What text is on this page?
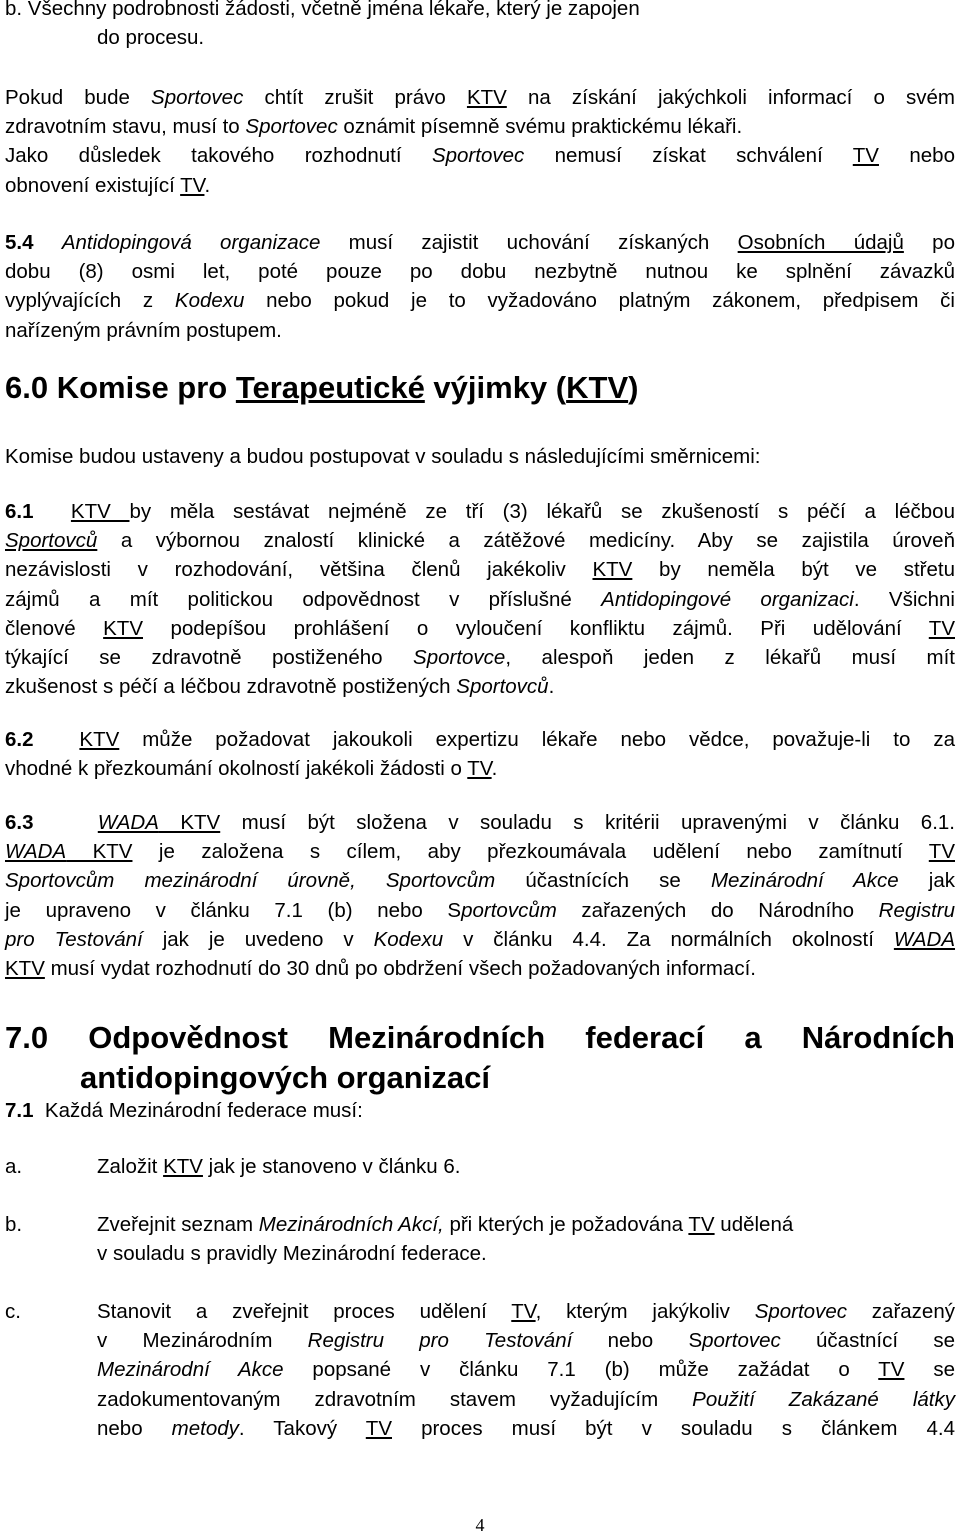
b. Všechny podrobnosti žádosti, včetně jména lékaře, který je zapojen
do procesu.
Pokud bude Sportovec chtít zrušit právo KTV na získání jakýchkoli informací o svém
zdravotním stavu, musí to Sportovec oznámit písemně svému praktickému lékaři.
Jako důsledek takového rozhodnutí Sportovec nemusí získat schválení TV nebo
obnovení existující TV.
5.4 Antidopingová organizace musí zajistit uchování získaných Osobních údajů po
dobu (8) osmi let, poté pouze po dobu nezbytně nutnou ke splnění závazků
vyplývajících z Kodexu nebo pokud je to vyžadováno platným zákonem, předpisem či
nařízeným právním postupem.
6.0 Komise pro Terapeutické výjimky (KTV)
Komise budou ustaveny a budou postupovat v souladu s následujícími směrnicemi:
6.1 KTV by měla sestávat nejméně ze tří (3) lékařů se zkušeností s péčí a léčbou
Sportovců a výbornou znalostí klinické a zátěžové medicíny. Aby se zajistila úroveň
nezávislosti v rozhodování, většina členů jakékoliv KTV by neměla být ve střetu
zájmů a mít politickou odpovědnost v příslušné Antidopingové organizaci. Všichni
členové KTV podepíšou prohlášení o vyloučení konfliktu zájmů. Při udělování TV
týkající se zdravotně postiženého Sportovce, alespoň jeden z lékařů musí mít
zkušenost s péčí a léčbou zdravotně postižených Sportovců.
6.2 KTV může požadovat jakoukoli expertizu lékaře nebo vědce, považuje-li to za
vhodné k přezkoumání okolností jakékoli žádosti o TV.
6.3	WADA KTV musí být složena v souladu s kritérii upravenými v článku 6.1.
WADA KTV je založena s cílem, aby přezkoumávala udělení nebo zamítnutí TV
Sportovcům mezinárodní úrovně, Sportovcům účastnících se Mezinárodní Akce jak
je upraveno v článku 7.1 (b) nebo Sportovcům zařazených do Národního Registru
pro Testování jak je uvedeno v Kodexu v článku 4.4. Za normálních okolností WADA
KTV musí vydat rozhodnutí do 30 dnů po obdržení všech požadovaných informací.
7.0 Odpovědnost Mezinárodních federací a Národních
antidopingových organizací
7.1 Každá Mezinárodní federace musí:
a.	Založit KTV jak je stanoveno v článku 6.
b.	Zveřejnit seznam Mezinárodních Akcí, při kterých je požadována TV udělená
v souladu s pravidly Mezinárodní federace.
c.	Stanovit a zveřejnit proces udělení TV, kterým jakýkoliv Sportovec zařazený
v Mezinárodním Registru pro Testování nebo Sportovec účastnící se
Mezinárodní Akce popsané v článku 7.1 (b) může zažádat o TV se
zadokumentovaným zdravotním stavem vyžadujícím Použití Zakázané látky
nebo metody. Takový TV proces musí být v souladu s článkem 4.4
4
